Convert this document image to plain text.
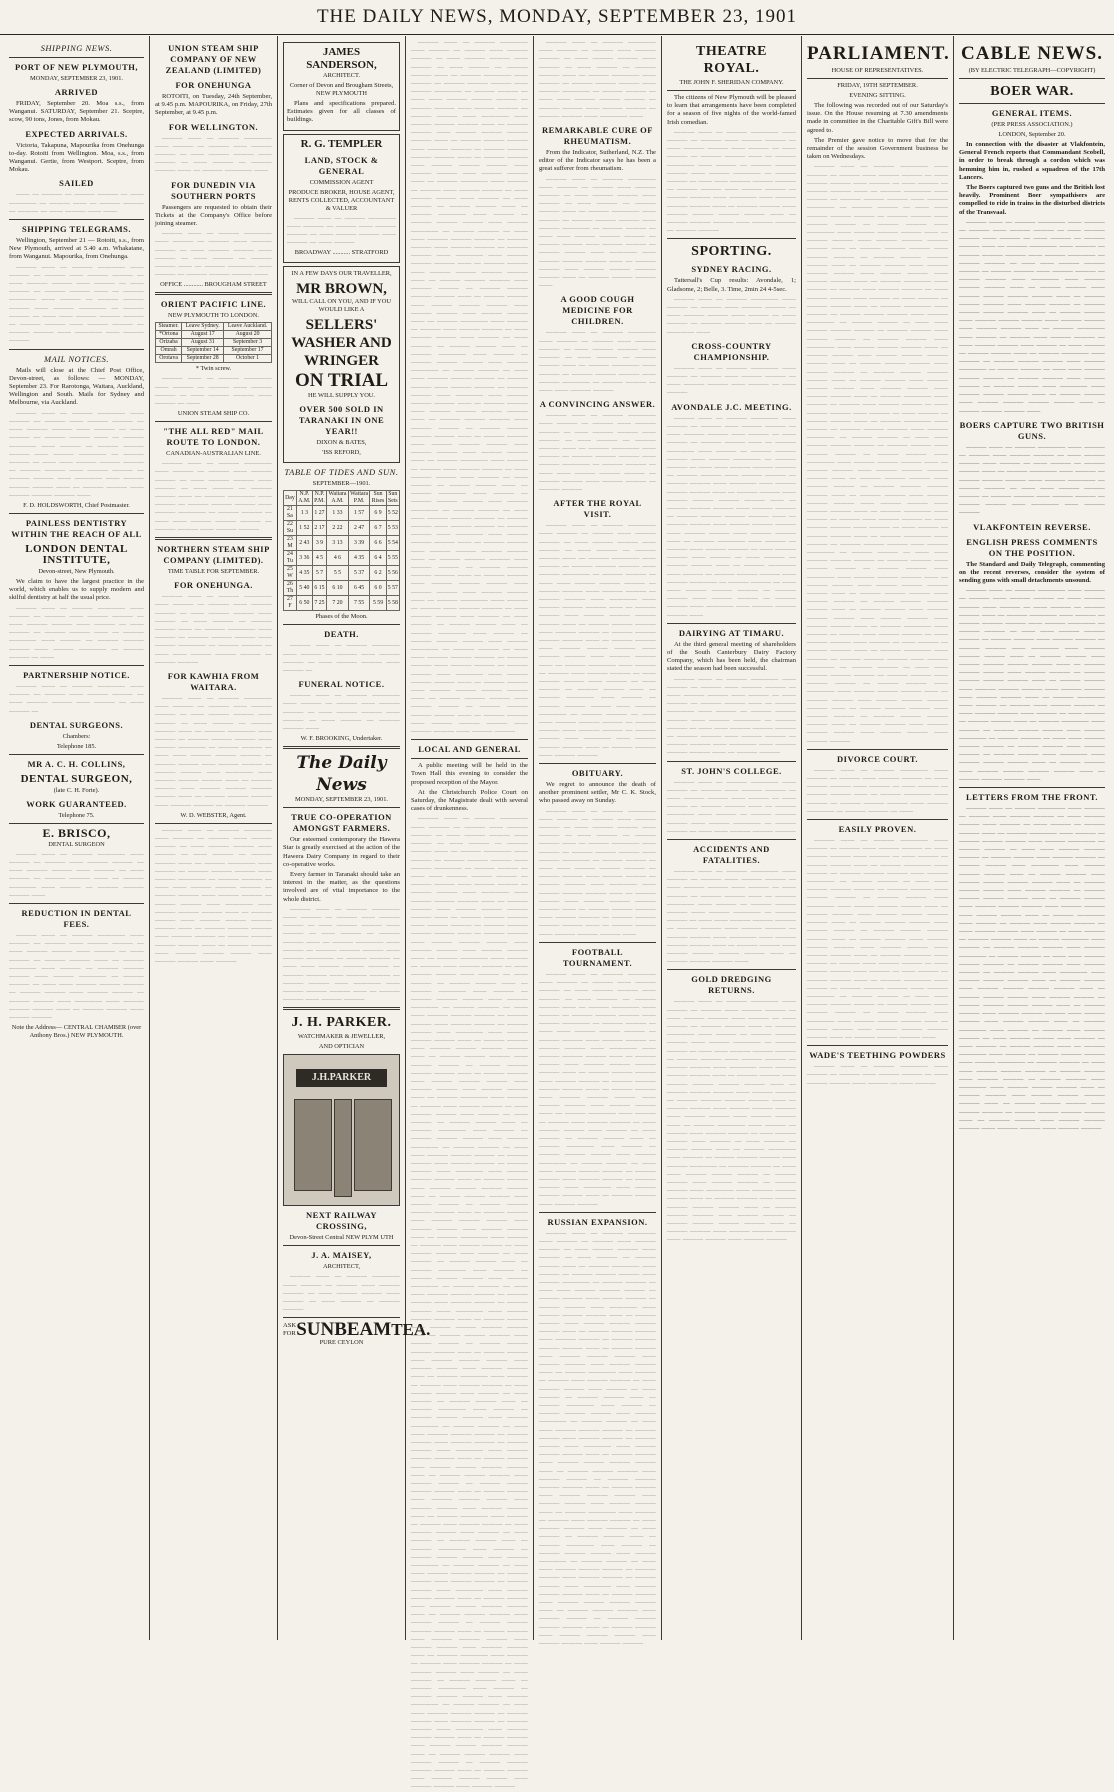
THE DAILY NEWS, MONDAY, SEPTEMBER 23, 1901
SHIPPING NEWS.
PORT OF NEW PLYMOUTH,
MONDAY, SEPTEMBER 23, 1901.
ARRIVED

FRIDAY, September 20. Moa s.s., from Wanganui. SATURDAY, September 21. Sceptre, scow, 90 tons, Jones, from Mokau.

EXPECTED ARRIVALS.

Victoria, Takapuna, Mapourika from Onehunga to-day. Rotoiti from Wellington. Moa, s.s., from Wanganui. Gertie, from Westport. Sceptre, from Mokau.

SAILED

—— — ——— — ——— ——— — —— ———— — ——— —— — ——— ——— — ——— — —— ——— —— ——

SHIPPING TELEGRAMS.

Wellington, September 21 — Rotoiti, s.s., from New Plymouth, arrived at 5.40 a.m. Whakatane, from Wanganui. Mapourika, from Onehunga.

——— —— — ——— ———— —— ——— — ——— —— ——— ——— — —— ——— ——— —— ——— — —— ——— — ——— ——— —— — ——— ———— —— ——— — ——— ——— ——— —— ——— ———— — ——— ——— — —— —— ——— ——— ——— — ——— ——— —— ——— ——— — ——— ——— —— ———— —— ——— ———

MAIL NOTICES.

Mails will close at the Chief Post Office, Devon-street, as follows: — MONDAY, September 23. For Rarotonga, Waitara, Auckland, Wellington and South. Mails for Sydney and Melbourne, via Auckland.

——— —— — ——— ———— —— ——— — ——— —— ——— ——— — —— ——— ——— —— ——— — —— ——— — ——— ——— —— — ——— ———— —— ——— — ——— ——— ——— —— ——— ———— — ——— ——— — —— —— ——— ——— ——— — ——— ——— —— ——— ——— — ——— ——— —— ———— —— ——— ——— ——— —— — ——— ——— —— ——— ——— ——— ——

F. D. HOLDSWORTH, Chief Postmaster.
PAINLESS DENTISTRY WITHIN THE REACH OF ALL
LONDON DENTAL INSTITUTE,
Devon-street, New Plymouth.

We claim to have the largest practice in the world, which enables us to supply modern and skilful dentistry at half the usual price.

——— —— — ——— ———— —— ——— — ——— —— ——— ——— — —— ——— ——— —— ——— — —— ——— — ——— ——— —— — ——— ———— —— ——— — ——— ——— ——— —— ——— ———— — ——— ——— — ——

PARTNERSHIP NOTICE.

——— —— — ——— ———— —— ——— — ——— —— ——— ——— — —— ——— ——— —— ——— — —— ——— —

DENTAL SURGEONS.
Chambers:
Telephone 185.
MR A. C. H. COLLINS,
DENTAL SURGEON,
(late C. H. Forte).
WORK GUARANTEED.
Telephone 75.
E. BRISCO,
DENTAL SURGEON

——— —— — ——— ———— —— ——— — ——— —— ——— ——— — —— ——— ——— —— ——— — —— ——— — ——— ——— —— — ——— ———— —— ——— — ——— ——— ——— ——

REDUCTION IN DENTAL FEES.

——— —— — ——— ———— —— ——— — ——— —— ——— ——— — —— ——— ——— —— ——— — —— ——— — ——— ——— —— — ——— ———— —— ——— — ——— ——— ——— —— ——— ———— — ——— ——— — —— —— ——— ——— ——— — ——— ——— —— ——— ——— — ——— ——— —— ———— —— ——— ——— ——— —— — ——— ——— —— ——— ———

Note the Address— CENTRAL CHAMBER (over Anthony Bros.) NEW PLYMOUTH.
UNION STEAM SHIP COMPANY OF NEW ZEALAND (LIMITED)
FOR ONEHUNGA

ROTOITI, on Tuesday, 24th September, at 9.45 p.m. MAPOURIKA, on Friday, 27th September, at 9.45 p.m.

FOR WELLINGTON.

——— —— — ——— ———— —— ——— — ——— —— ——— ——— — —— ——— ——— —— ——— — —— ——— — ——— ——— —— — ——— ———— ——

FOR DUNEDIN VIA SOUTHERN PORTS

Passengers are requested to obtain their Tickets at the Company's Office before joining steamer.

——— —— — ——— ———— —— ——— — ——— —— ——— ——— — —— ——— ——— —— ——— — —— ——— — ——— ——— —— — ——— ———— —— ——— — ——— ——— ——— ——

OFFICE ............ BROUGHAM STREET
ORIENT PACIFIC LINE.
NEW PLYMOUTH TO LONDON.
Steamer.	Leave Sydney.	Leave Auckland.
*Ortona	August 17	August 20
Orizaba	August 31	September 3
Omrah	September 14	September 17
Orotava	September 28	October 1
* Twin screw.

——— —— — ——— ———— —— ——— — ——— —— ——— ——— — —— ——— ——— —— ——— — ——

UNION STEAM SHIP CO.
"THE ALL RED" MAIL ROUTE TO LONDON.
CANADIAN-AUSTRALIAN LINE.

——— —— — ——— ———— —— ——— — ——— —— ——— ——— — —— ——— ——— —— ——— — —— ——— — ——— ——— —— — ——— ———— —— ——— — ——— ——— ——— —— ——— ———— — ——— ——— — —— —— ——— ——— ——— — ——— ——— —— ——— ———

NORTHERN STEAM SHIP COMPANY (LIMITED).
TIME TABLE FOR SEPTEMBER.
FOR ONEHUNGA.

——— —— — ——— ———— —— ——— — ——— —— ——— ——— — —— ——— ——— —— ——— — —— ——— — ——— ——— —— — ——— ———— —— ——— — ——— ——— ——— —— ——— ———— — ——— ——— — —— —— ——— ——— ——— — ——— ———

FOR KAWHIA FROM WAITARA.

——— —— — ——— ———— —— ——— — ——— —— ——— ——— — —— ——— ——— —— ——— — —— ——— — ——— ——— —— — ——— ———— —— ——— — ——— ——— ——— —— ——— ———— — ——— ——— — —— —— ——— ——— ——— — ——— ——— —— ——— ——— — ——— ——— —— ———— —— ——— ——— ——— —— — ——— ——— —— ——— ——— ——— ——— —— — ——— ——— ——— —— ——— ——— — ——— ———

W. D. WEBSTER, Agent.

——— —— — ——— ———— —— ——— — ——— —— ——— ——— — —— ——— ——— —— ——— — —— ——— — ——— ——— —— — ——— ———— —— ——— — ——— ——— ——— —— ——— ———— — ——— ——— — —— —— ——— ——— ——— — ——— ——— —— ——— ——— — ——— ——— —— ———— —— ——— ——— ——— —— — ——— ——— —— ——— ——— ——— ——— —— — ——— ——— ——— —— ——— ——— — ——— ——— ——— ——— —— — ——— ——— —— ——— ——— ——— —— ——— ——— —— ———

JAMES SANDERSON,
ARCHITECT.
Corner of Devon and Brougham Streets, NEW PLYMOUTH

Plans and specifications prepared. Estimates given for all classes of buildings.

R. G. TEMPLER
LAND, STOCK & GENERAL
COMMISSION AGENT
PRODUCE BROKER, HOUSE AGENT, RENTS COLLECTED, ACCOUNTANT & VALUER

——— —— — ——— ———— —— ——— — ——— —— ——— ——— — —— ——— ——— —— ——— — —— ———

BROADWAY ........... STRATFORD
IN A FEW DAYS OUR TRAVELLER,
MR BROWN,
WILL CALL ON YOU, AND IF YOU WOULD LIKE A
SELLERS' WASHER AND WRINGER
ON TRIAL
HE WILL SUPPLY YOU.
OVER 500 SOLD IN TARANAKI IN ONE YEAR!!
DIXON & BATES,
'ISS REFORD,
TABLE OF TIDES AND SUN.
SEPTEMBER—1901.
Day	N.P. A.M.	N.P. P.M.	Waitara A.M.	Waitara P.M.	Sun Rises	Sun Sets
21 Sa	1 3	1 27	1 33	1 57	6 9	5 52
22 Su	1 52	2 17	2 22	2 47	6 7	5 53
23 M	2 43	3 9	3 13	3 39	6 6	5 54
24 Tu	3 36	4 5	4 6	4 35	6 4	5 55
25 W	4 35	5 7	5 5	5 37	6 2	5 56
26 Th	5 40	6 15	6 10	6 45	6 0	5 57
27 F	6 50	7 25	7 20	7 55	5 59	5 58
Phases of the Moon.
DEATH.

——— —— — ——— ———— —— ——— — ——— —— ——— ——— — —— ——— ——— —— ——— —

FUNERAL NOTICE.

——— —— — ——— ———— —— ——— — ——— —— ——— ——— — —— ——— ——— —— ——— — —— ——— — ——— ——— ——

W. F. BROOKING, Undertaker.
The Daily News
MONDAY, SEPTEMBER 23, 1901.
TRUE CO-OPERATION AMONGST FARMERS.

Our esteemed contemporary the Hawera Star is greatly exercised at the action of the Hawera Dairy Company in regard to their co-operative works.

Every farmer in Taranaki should take an interest in the matter, as the questions involved are of vital importance to the whole district.

——— —— — ——— ———— —— ——— — ——— —— ——— ——— — —— ——— ——— —— ——— — —— ——— — ——— ——— —— — ——— ———— —— ——— — ——— ——— ——— —— ——— ———— — ——— ——— — —— —— ——— ——— ——— — ——— ——— —— ——— ——— — ——— ——— —— ———— —— ——— ——— ——— —— — ——— ——— —— ——— ———

J. H. PARKER.
WATCHMAKER & JEWELLER,
AND OPTICIAN
J.H.PARKER
NEXT RAILWAY CROSSING,
Devon-Street Central NEW PLYM UTH
J. A. MAISEY,
ARCHITECT,

——— —— — ——— ———— —— ——— — ——— —— ——— ——— — —— ——— ——— —— ——— — —— ——— — ——— ———

ASK FOR SUNBEAM TEA.
PURE CEYLON

——— —— — ——— ———— —— ——— — ——— —— ——— ——— — —— ——— ——— —— ——— — —— ——— — ——— ——— —— — ——— ———— —— ——— — ——— ——— ——— —— ——— ———— — ——— ——— — —— —— ——— ——— ——— — ——— ——— —— ——— ——— — ——— ——— —— ———— —— ——— ——— ——— —— — ——— ——— —— ——— ——— ——— ——— —— — ——— ——— ——— —— ——— ——— — ——— ——— ——— ——— —— — ——— ——— —— ——— ——— ——— —— ——— ——— —— ——— ——— —— — ——— ———— —— ——— — ——— —— ——— ——— — —— ——— ——— —— ——— — —— ——— — ——— ——— —— — ——— ———— —— ——— — ——— ——— ——— —— ——— ———— — ——— ——— — —— —— ——— ——— ——— — ——— ——— —— ——— ——— — ——— ——— —— ———— —— ——— ——— ——— —— — ——— ——— —— ——— ——— ——— ——— —— — ——— ——— ——— —— ——— ——— — ——— ——— ——— ——— —— — ——— ——— —— ——— ——— ——— —— ——— ——— —— ——— ——— —— — ——— ———— —— ——— — ——— —— ——— ——— — —— ——— ——— —— ——— — —— ——— — ——— ——— —— — ——— ———— —— ——— — ——— ——— ——— —— ——— ———— — ——— ——— — —— —— ——— ——— ——— — ——— ——— —— ——— ——— — ——— ——— —— ———— —— ——— ——— ——— —— — ——— ——— —— ——— ——— ——— ——— —— — ——— ——— ——— —— ——— ——— — ——— ——— ——— ——— —— — ——— ——— —— ——— ——— ——— —— ——— ——— —— ——— ——— —— — ——— ———— —— ——— — ——— —— ——— ——— — —— ——— ——— —— ——— — —— ——— — ——— ——— —— — ——— ———— —— ——— — ——— ——— ——— —— ——— ———— — ——— ——— — —— —— ——— ——— ——— — ——— ——— —— ——— ——— — ——— ——— —— ———— —— ——— ——— ——— —— — ——— ——— —— ——— ——— ——— ——— —— — ——— ——— ——— —— ——— ——— — ——— ——— ——— ——— —— — ——— ——— —— ——— ——— ——— —— ——— ——— —— ——— ——— —— — ——— ———— —— ——— — ——— —— ——— ——— — —— ——— ——— —— ——— — —— ——— — ——— ——— —— — ——— ———— —— ——— — ——— ——— ——— —— ——— ———— — ——— ——— — —— —— ——— ——— ——— — ——— ——— —— ——— ——— — ——— ——— —— ———— —— ——— ——— ——— —— — ——— ——— —— ——— ——— ——— ——— —— — ——— ——— ——— —— ——— ——— — ——— ——— ——— ——— —— — ——— ——— —— ——— ——— ——— —— ——— ——— —— ——— ———

LOCAL AND GENERAL

A public meeting will be held in the Town Hall this evening to consider the proposed reception of the Mayor.

At the Christchurch Police Court on Saturday, the Magistrate dealt with several cases of drunkenness.

——— —— — ——— ———— —— ——— — ——— —— ——— ——— — —— ——— ——— —— ——— — —— ——— — ——— ——— —— — ——— ———— —— ——— — ——— ——— ——— —— ——— ———— — ——— ——— — —— —— ——— ——— ——— — ——— ——— —— ——— ——— — ——— ——— —— ———— —— ——— ——— ——— —— — ——— ——— —— ——— ——— ——— ——— —— — ——— ——— ——— —— ——— ——— — ——— ——— ——— ——— —— — ——— ——— —— ——— ——— ——— —— ——— ——— —— ——— ——— —— — ——— ———— —— ——— — ——— —— ——— ——— — —— ——— ——— —— ——— — —— ——— — ——— ——— —— — ——— ———— —— ——— — ——— ——— ——— —— ——— ———— — ——— ——— — —— —— ——— ——— ——— — ——— ——— —— ——— ——— — ——— ——— —— ———— —— ——— ——— ——— —— — ——— ——— —— ——— ——— ——— ——— —— — ——— ——— ——— —— ——— ——— — ——— ——— ——— ——— —— — ——— ——— —— ——— ——— ——— —— ——— ——— —— ——— ——— —— — ——— ———— —— ——— — ——— —— ——— ——— — —— ——— ——— —— ——— — —— ——— — ——— ——— —— — ——— ———— —— ——— — ——— ——— ——— —— ——— ———— — ——— ——— — —— —— ——— ——— ——— — ——— ——— —— ——— ——— — ——— ——— —— ———— —— ——— ——— ——— —— — ——— ——— —— ——— ——— ——— ——— —— — ——— ——— ——— —— ——— ——— — ——— ——— ——— ——— —— — ——— ——— —— ——— ——— ——— —— ——— ——— —— ——— ——— —— — ——— ———— —— ——— — ——— —— ——— ——— — —— ——— ——— —— ——— — —— ——— — ——— ——— —— — ——— ———— —— ——— — ——— ——— ——— —— ——— ———— — ——— ——— — —— —— ——— ——— ——— — ——— ——— —— ——— ——— — ——— ——— —— ———— —— ——— ——— ——— —— — ——— ——— —— ——— ——— ——— ——— —— — ——— ——— ——— —— ——— ——— — ——— ——— ——— ——— —— — ——— ——— —— ——— ——— ——— —— ——— ——— —— ——— ——— —— — ——— ———— —— ——— — ——— —— ——— ——— — —— ——— ——— —— ——— — —— ——— — ——— ——— —— — ——— ———— —— ——— — ——— ——— ——— —— ——— ———— — ——— ——— — —— —— ——— ——— ——— — ——— ——— —— ——— ——— — ——— ——— —— ———— —— ——— ——— ——— —— — ——— ——— —— ——— ——— ——— ——— —— — ——— ——— ——— —— ——— ——— — ——— ——— ——— ——— —— — ——— ——— —— ——— ——— ——— —— ——— ——— —— ——— ——— —— — ——— ———— —— ——— — ——— —— ——— ——— — —— ——— ——— —— ——— — —— ——— — ——— ——— —— — ——— ———— —— ——— — ——— ——— ——— —— ——— ———— — ——— ——— — —— —— ——— ——— ——— — ——— ——— —— ——— ——— — ——— ——— —— ———— —— ——— ——— ——— —— — ——— ——— —— ——— ——— ——— ——— —— — ——— ——— ——— —— ——— ——— — ——— ——— ——— ——— —— — ——— ——— —— ——— ——— ——— —— ——— ——— —— ——— ——— —— — ——— ———— —— ——— — ——— —— ——— ——— — —— ——— ——— —— ——— — —— ——— — ——— ——— —— — ——— ———— —— ——— — ——— ——— ——— —— ——— ———— — ——— ——— — —— —— ——— ——— ——— — ——— ——— —— ——— ——— — ——— ——— —— ———— —— ——— ——— ——— —— — ——— ——— —— ——— ——— ——— ——— —— — ——— ——— ——— —— ——— ——— — ——— ——— ——— ——— —— — ——— ——— —— ——— ——— ——— —— ——— ——— —— ——— ———

——— —— — ——— ———— —— ——— — ——— —— ——— ——— — —— ——— ——— —— ——— — —— ——— — ——— ——— —— — ——— ———— —— ——— — ——— ——— ——— —— ——— ———— — ——— ——— — —— —— ——— ——— ——— — ——— ——— —— ——— ——— — ——— ——— —— ———— ——

REMARKABLE CURE OF RHEUMATISM.

From the Indicator, Sutherland, N.Z. The editor of the Indicator says he has been a great sufferer from rheumatism.

——— —— — ——— ———— —— ——— — ——— —— ——— ——— — —— ——— ——— —— ——— — —— ——— — ——— ——— —— — ——— ———— —— ——— — ——— ——— ——— —— ——— ———— — ——— ——— — —— —— ——— ——— ——— — ——— ——— —— ——— ——— — ——— ——— —— ———— —— ——— ——— ——— —— — ——— ——— —— ——— ——— ——— ——— —— — ——— ——— ——— ——

A GOOD COUGH MEDICINE FOR CHILDREN.

——— —— — ——— ———— —— ——— — ——— —— ——— ——— — —— ——— ——— —— ——— — —— ——— — ——— ——— —— — ——— ———— —— ——— — ——— ——— ——— —— ——— ———— — ——— ——— — —— —— ——— ———

A CONVINCING ANSWER.

——— —— — ——— ———— —— ——— — ——— —— ——— ——— — —— ——— ——— —— ——— — —— ——— — ——— ——— —— — ——— ———— —— ——— — ——— ——— ——— —— ——— ———— — ——— ——— — —— —— ——— ——— ——— — ——— ——— —— ——— ——— — ——— ———

AFTER THE ROYAL VISIT.

——— —— — ——— ———— —— ——— — ——— —— ——— ——— — —— ——— ——— —— ——— — —— ——— — ——— ——— —— — ——— ———— —— ——— — ——— ——— ——— —— ——— ———— — ——— ——— — —— —— ——— ——— ——— — ——— ——— —— ——— ——— — ——— ——— —— ———— —— ——— ——— ——— —— — ——— ——— —— ——— ——— ——— ——— —— — ——— ——— ——— —— ——— ——— — ——— ——— ——— ——— —— — ——— ——— —— ——— ——— ——— —— ——— ——— —— ——— ——— —— — ——— ———— —— ——— — ——— —— ——— ——— — —— ——— ——— —— ——— — —— ——— — ——— ——— —— — ——— ———— —— ——— — ——— ——— ——— —— ——— ———— — ——— ——— — —— —— ——— ——— ——— — ——— ——— —— ——— ——— — ——— ——— —— ———— —— ——— ——— ——— —— — ——— ——— —— ——— ———

OBITUARY.

We regret to announce the death of another prominent settler, Mr C. K. Stock, who passed away on Sunday.

——— —— — ——— ———— —— ——— — ——— —— ——— ——— — —— ——— ——— —— ——— — —— ——— — ——— ——— —— — ——— ———— —— ——— — ——— ——— ——— —— ——— ———— — ——— ——— — —— —— ——— ——— ——— — ——— ——— —— ——— ——— — ——— ——— —— ———— —— ——— ——— ——— —— — ——— ——— —— ——— ——— ——— ——— —— — ——— ——— ——— —— ——— ——— — ——— ——— ——— ——— —— — ——— ——— —— ——— ——— ——— ——

FOOTBALL TOURNAMENT.

——— —— — ——— ———— —— ——— — ——— —— ——— ——— — —— ——— ——— —— ——— — —— ——— — ——— ——— —— — ——— ———— —— ——— — ——— ——— ——— —— ——— ———— — ——— ——— — —— —— ——— ——— ——— — ——— ——— —— ——— ——— — ——— ——— —— ———— —— ——— ——— ——— —— — ——— ——— —— ——— ——— ——— ——— —— — ——— ——— ——— —— ——— ——— — ——— ——— ——— ——— —— — ——— ——— —— ——— ——— ——— —— ——— ——— —— ——— ——— —— — ——— ———— —— ——— — ——— —— ——— ——— — —— ——— ——— —— ——— — —— ——— — ——— ——— —— — ——— ———— —— ——— — ——— ——— ——— —— ——— ———— — ——— ——— — —— —— ——— ——— ——— — ——— ——— —— ——— ——— — ——— ——— —— ———— —— ——— ——— ——— —— — ——— ——— —— ——— ———

RUSSIAN EXPANSION.

——— —— — ——— ———— —— ——— — ——— —— ——— ——— — —— ——— ——— —— ——— — —— ——— — ——— ——— —— — ——— ———— —— ——— — ——— ——— ——— —— ——— ———— — ——— ——— — —— —— ——— ——— ——— — ——— ——— —— ——— ——— — ——— ——— —— ———— —— ——— ——— ——— —— — ——— ——— —— ——— ——— ——— ——— —— — ——— ——— ——— —— ——— ——— — ——— ——— ——— ——— —— — ——— ——— —— ——— ——— ——— —— ——— ——— —— ——— ——— —— — ——— ———— —— ——— — ——— —— ——— ——— — —— ——— ——— —— ——— — —— ——— — ——— ——— —— — ——— ———— —— ——— — ——— ——— ——— —— ——— ———— — ——— ——— — —— —— ——— ——— ——— — ——— ——— —— ——— ——— — ——— ——— —— ———— —— ——— ——— ——— —— — ——— ——— —— ——— ——— ——— ——— —— — ——— ——— ——— —— ——— ——— — ——— ——— ——— ——— —— — ——— ——— —— ——— ——— ——— —— ——— ——— —— ——— ——— —— — ——— ———— —— ——— — ——— —— ——— ——— — —— ——— ——— —— ——— — —— ——— — ——— ——— —— — ——— ———— —— ——— — ——— ——— ——— —— ——— ———— — ——— ——— — —— —— ——— ——— ——— — ——— ——— —— ——— ——— — ——— ——— —— ———— —— ——— ——— ——— —— — ——— ——— —— ——— ——— ——— ——— —— — ——— ——— ——— —— ——— ——— — ——— ——— ——— ——— —— — ——— ——— —— ——— ——— ——— —— ——— ——— —— ——— ———

THEATRE ROYAL.
THE JOHN F. SHERIDAN COMPANY.

The citizens of New Plymouth will be pleased to learn that arrangements have been completed for a season of five nights of the world-famed Irish comedian.

——— —— — ——— ———— —— ——— — ——— —— ——— ——— — —— ——— ——— —— ——— — —— ——— — ——— ——— —— — ——— ———— —— ——— — ——— ——— ——— —— ——— ———— — ——— ——— — —— —— ——— ——— ——— — ——— ——— —— ——— ——— — ——— ——— —— ———— —— ——— ——— ——— —— — ——— ——— —— ——— ——— ——— ——— —— — ——— ——— ——— —— ——— ——— — ——— ———

SPORTING.
SYDNEY RACING.

Tattersall's Cup results: Avondale, 1; Gladsome, 2; Belle, 3. Time, 2min 24 4-5sec.

——— —— — ——— ———— —— ——— — ——— —— ——— ——— — —— ——— ——— —— ——— — —— ——— — ——— ——— —— — ——— ———— ——

CROSS-COUNTRY CHAMPIONSHIP.

——— —— — ——— ———— —— ——— — ——— —— ——— ——— — —— ——— ——— —— ——— — —— ———

AVONDALE J.C. MEETING.

——— —— — ——— ———— —— ——— — ——— —— ——— ——— — —— ——— ——— —— ——— — —— ——— — ——— ——— —— — ——— ———— —— ——— — ——— ——— ——— —— ——— ———— — ——— ——— — —— —— ——— ——— ——— — ——— ——— —— ——— ——— — ——— ——— —— ———— —— ——— ——— ——— —— — ——— ——— —— ——— ——— ——— ——— —— — ——— ——— ——— —— ——— ——— — ——— ——— ——— ——— —— — ——— ——— —— ——— ——— ——— —— ——— ——— —— ——— ——— —— — ——— ———— —— ——— — ——— —— ——— ——— — —— ——— ——— —— ——— — —— ——— — ——— ——— —— — ——— ———— —— ——— — ——— ——— ——— —— ——— ———— — ——— ——— — —— —— ——— ——— ——— — ——— ——— —— ——— ——— — ——— ——— —— ———— —— ——— ——— ——— ——

DAIRYING AT TIMARU.

At the third general meeting of shareholders of the South Canterbury Dairy Factory Company, which has been held, the chairman stated the season had been successful.

——— —— — ——— ———— —— ——— — ——— —— ——— ——— — —— ——— ——— —— ——— — —— ——— — ——— ——— —— — ——— ———— —— ——— — ——— ——— ——— —— ——— ———— — ——— ——— — —— —— ——— ——— ——— — ——— ——— —— ——— ——— — ——— ——— —— ———— —— ——— ——— ——— —— — ——— ———

ST. JOHN'S COLLEGE.

——— —— — ——— ———— —— ——— — ——— —— ——— ——— — —— ——— ——— —— ——— — —— ——— — ——— ——— —— — ——— ———— —— ——— — ——— ——— ——— —— ——— ———— — ——— ——— — —— —— ——— ——— ———

ACCIDENTS AND FATALITIES.

——— —— — ——— ———— —— ——— — ——— —— ——— ——— — —— ——— ——— —— ——— — —— ——— — ——— ——— —— — ——— ———— —— ——— — ——— ——— ——— —— ——— ———— — ——— ——— — —— —— ——— ——— ——— — ——— ——— —— ——— ——— — ——— ——— —— ———— —— ——— ——— ——— —— — ——— ——— —— ——— ——— ——— ——— —— — ——— ——— ——— ——

GOLD DREDGING RETURNS.

——— —— — ——— ———— —— ——— — ——— —— ——— ——— — —— ——— ——— —— ——— — —— ——— — ——— ——— —— — ——— ———— —— ——— — ——— ——— ——— —— ——— ———— — ——— ——— — —— —— ——— ——— ——— — ——— ——— —— ——— ——— — ——— ——— —— ———— —— ——— ——— ——— —— — ——— ——— —— ——— ——— ——— ——— —— — ——— ——— ——— —— ——— ——— — ——— ——— ——— ——— —— — ——— ——— —— ——— ——— ——— —— ——— ——— —— ——— ——— —— — ——— ———— —— ——— — ——— —— ——— ——— — —— ——— ——— —— ——— — —— ——— — ——— ——— —— — ——— ———— —— ——— — ——— ——— ——— —— ——— ———— — ——— ——— — —— —— ——— ——— ——— — ——— ——— —— ——— ——— — ——— ——— —— ———— —— ——— ——— ——— —— — ——— ——— —— ——— ——— ——— ——— —— — ——— ——— ——— —— ——— ——— — ——— ——— ——— ——— —— — ——— ——— —— ——— ——— ——— —— ——— ——— —— ——— ———

PARLIAMENT.
HOUSE OF REPRESENTATIVES.
FRIDAY, 19TH SEPTEMBER.
EVENING SITTING.

The following was recorded out of our Saturday's issue. On the House resuming at 7.30 amendments made in committee in the Charitable Gift's Bill were agreed to.

The Premier gave notice to move that for the remainder of the session Government business be taken on Wednesdays.

——— —— — ——— ———— —— ——— — ——— —— ——— ——— — —— ——— ——— —— ——— — —— ——— — ——— ——— —— — ——— ———— —— ——— — ——— ——— ——— —— ——— ———— — ——— ——— — —— —— ——— ——— ——— — ——— ——— —— ——— ——— — ——— ——— —— ———— —— ——— ——— ——— —— — ——— ——— —— ——— ——— ——— ——— —— — ——— ——— ——— —— ——— ——— — ——— ——— ——— ——— —— — ——— ——— —— ——— ——— ——— —— ——— ——— —— ——— ——— —— — ——— ———— —— ——— — ——— —— ——— ——— — —— ——— ——— —— ——— — —— ——— — ——— ——— —— — ——— ———— —— ——— — ——— ——— ——— —— ——— ———— — ——— ——— — —— —— ——— ——— ——— — ——— ——— —— ——— ——— — ——— ——— —— ———— —— ——— ——— ——— —— — ——— ——— —— ——— ——— ——— ——— —— — ——— ——— ——— —— ——— ——— — ——— ——— ——— ——— —— — ——— ——— —— ——— ——— ——— —— ——— ——— —— ——— ——— —— — ——— ———— —— ——— — ——— —— ——— ——— — —— ——— ——— —— ——— — —— ——— — ——— ——— —— — ——— ———— —— ——— — ——— ——— ——— —— ——— ———— — ——— ——— — —— —— ——— ——— ——— — ——— ——— —— ——— ——— — ——— ——— —— ———— —— ——— ——— ——— —— — ——— ——— —— ——— ——— ——— ——— —— — ——— ——— ——— —— ——— ——— — ——— ——— ——— ——— —— — ——— ——— —— ——— ——— ——— —— ——— ——— —— ——— ——— —— — ——— ———— —— ——— — ——— —— ——— ——— — —— ——— ——— —— ——— — —— ——— — ——— ——— —— — ——— ———— —— ——— — ——— ——— ——— —— ——— ———— — ——— ——— — —— —— ——— ——— ——— — ——— ——— —— ——— ——— — ——— ——— —— ———— —— ——— ——— ——— —— — ——— ——— —— ——— ——— ——— ——— —— — ——— ——— ——— —— ——— ——— — ——— ——— ——— ——— —— — ——— ——— —— ——— ——— ——— —— ——— ——— —— ——— ——— —— — ——— ———— —— ——— — ——— —— ——— ——— — —— ——— ——— —— ——— — —— ——— — ——— ——— —— — ——— ———— —— ——— — ——— ——— ——— —— ——— ———— — ——— ——— — —— —— ——— ——— ——— — ——— ——— —— ——— ——— — ——— ——— —— ———— —— ——— ——— ——— —— — ——— ——— —— ——— ——— ——— ——— —— — ——— ——— ——— —— ——— ——— — ——— ——— ——— ——— —— — ——— ——— —— ——— ——— ——— —— ——— ——— —— ——— ———

DIVORCE COURT.

——— —— — ——— ———— —— ——— — ——— —— ——— ——— — —— ——— ——— —— ——— — —— ——— — ——— ——— —— — ——— ———— —— ——— — ——— ——— ——— —— ——— ———— — ——— ——— — ——

EASILY PROVEN.

——— —— — ——— ———— —— ——— — ——— —— ——— ——— — —— ——— ——— —— ——— — —— ——— — ——— ——— —— — ——— ———— —— ——— — ——— ——— ——— —— ——— ———— — ——— ——— — —— —— ——— ——— ——— — ——— ——— —— ——— ——— — ——— ——— —— ———— —— ——— ——— ——— —— — ——— ——— —— ——— ——— ——— ——— —— — ——— ——— ——— —— ——— ——— — ——— ——— ——— ——— —— — ——— ——— —— ——— ——— ——— —— ——— ——— —— ——— ——— —— — ——— ———— —— ——— — ——— —— ——— ——— — —— ——— ——— —— ——— — —— ——— — ——— ——— —— — ——— ———— —— ——— — ——— ——— ——— —— ——— ———— — ——— ——— — —— —— ——— ——— ——— — ——— ——— —— ——— ——— — ——— ——— —— ———— —— ——— ——— ——— —— — ——— ——— —— ——— ——— ——— ——— —— — ——— ——— ——— ——

WADE'S TEETHING POWDERS

——— —— — ——— ———— —— ——— — ——— —— ——— ——— — —— ——— ——— —— ——— — —— ———

CABLE NEWS.
(BY ELECTRIC TELEGRAPH—COPYRIGHT)
BOER WAR.
GENERAL ITEMS.
(PER PRESS ASSOCIATION.)
LONDON, September 20.

In connection with the disaster at Vlakfontein, General French reports that Commandant Scobell, in order to break through a cordon which was hemming him in, rushed a squadron of the 17th Lancers.

The Boers captured two guns and the British lost heavily. Prominent Boer sympathisers are compelled to ride in trains in the disturbed districts of the Transvaal.

——— —— — ——— ———— —— ——— — ——— —— ——— ——— — —— ——— ——— —— ——— — —— ——— — ——— ——— —— — ——— ———— —— ——— — ——— ——— ——— —— ——— ———— — ——— ——— — —— —— ——— ——— ——— — ——— ——— —— ——— ——— — ——— ——— —— ———— —— ——— ——— ——— —— — ——— ——— —— ——— ——— ——— ——— —— — ——— ——— ——— —— ——— ——— — ——— ——— ——— ——— —— — ——— ——— —— ——— ——— ——— —— ——— ——— —— ——— ——— —— — ——— ———— —— ——— — ——— —— ——— ——— — —— ——— ——— —— ——— — —— ——— — ——— ——— —— — ——— ———— —— ——— — ——— ——— ——— —— ——— ———— — ——— ——— — —— —— ——— ——— ——— — ——— ——— —— ——— ——— — ——— ——— —— ———— —— ——— ——— ——— —— — ——— ——— —— ——— ——— ——— ——— —— — ——— ——— ——— ——

BOERS CAPTURE TWO BRITISH GUNS.

——— —— — ——— ———— —— ——— — ——— —— ——— ——— — —— ——— ——— —— ——— — —— ——— — ——— ——— —— — ——— ———— —— ——— — ——— ——— ——— —— ——— ———— — ——— ——— — —— —— ——— ——— ——— — ——— ——— —— ——— ——— — ——— ——— —— ———— —— ——— ———

VLAKFONTEIN REVERSE.
ENGLISH PRESS COMMENTS ON THE POSITION.

The Standard and Daily Telegraph, commenting on the recent reverses, consider the system of sending guns with small detachments unsound.

——— —— — ——— ———— —— ——— — ——— —— ——— ——— — —— ——— ——— —— ——— — —— ——— — ——— ——— —— — ——— ———— —— ——— — ——— ——— ——— —— ——— ———— — ——— ——— — —— —— ——— ——— ——— — ——— ——— —— ——— ——— — ——— ——— —— ———— —— ——— ——— ——— —— — ——— ——— —— ——— ——— ——— ——— —— — ——— ——— ——— —— ——— ——— — ——— ——— ——— ——— —— — ——— ——— —— ——— ——— ——— —— ——— ——— —— ——— ——— —— — ——— ———— —— ——— — ——— —— ——— ——— — —— ——— ——— —— ——— — —— ——— — ——— ——— —— — ——— ———— —— ——— — ——— ——— ——— —— ——— ———— — ——— ——— — —— —— ——— ——— ——— — ——— ——— —— ——— ——— — ——— ——— —— ———— —— ——— ——— ——— —— — ——— ——— —— ——— ——— ——— ——— —— — ——— ——— ——— ——

LETTERS FROM THE FRONT.

——— —— — ——— ———— —— ——— — ——— —— ——— ——— — —— ——— ——— —— ——— — —— ——— — ——— ——— —— — ——— ———— —— ——— — ——— ——— ——— —— ——— ———— — ——— ——— — —— —— ——— ——— ——— — ——— ——— —— ——— ——— — ——— ——— —— ———— —— ——— ——— ——— —— — ——— ——— —— ——— ——— ——— ——— —— — ——— ——— ——— —— ——— ——— — ——— ——— ——— ——— —— — ——— ——— —— ——— ——— ——— —— ——— ——— —— ——— ——— —— — ——— ———— —— ——— — ——— —— ——— ——— — —— ——— ——— —— ——— — —— ——— — ——— ——— —— — ——— ———— —— ——— — ——— ——— ——— —— ——— ———— — ——— ——— — —— —— ——— ——— ——— — ——— ——— —— ——— ——— — ——— ——— —— ———— —— ——— ——— ——— —— — ——— ——— —— ——— ——— ——— ——— —— — ——— ——— ——— —— ——— ——— — ——— ——— ——— ——— —— — ——— ——— —— ——— ——— ——— —— ——— ——— —— ——— ——— —— — ——— ———— —— ——— — ——— —— ——— ——— — —— ——— ——— —— ——— — —— ——— — ——— ——— —— — ——— ———— —— ——— — ——— ——— ——— —— ——— ———— — ——— ——— — —— —— ——— ——— ——— — ——— ——— —— ——— ——— — ——— ——— —— ———— —— ——— ——— ——— —— — ——— ——— —— ——— ——— ——— ——— —— — ——— ——— ——— —— ——— ——— — ——— ——— ——— ——— —— — ——— ——— —— ——— ——— ——— —— ——— ——— —— ——— ———
